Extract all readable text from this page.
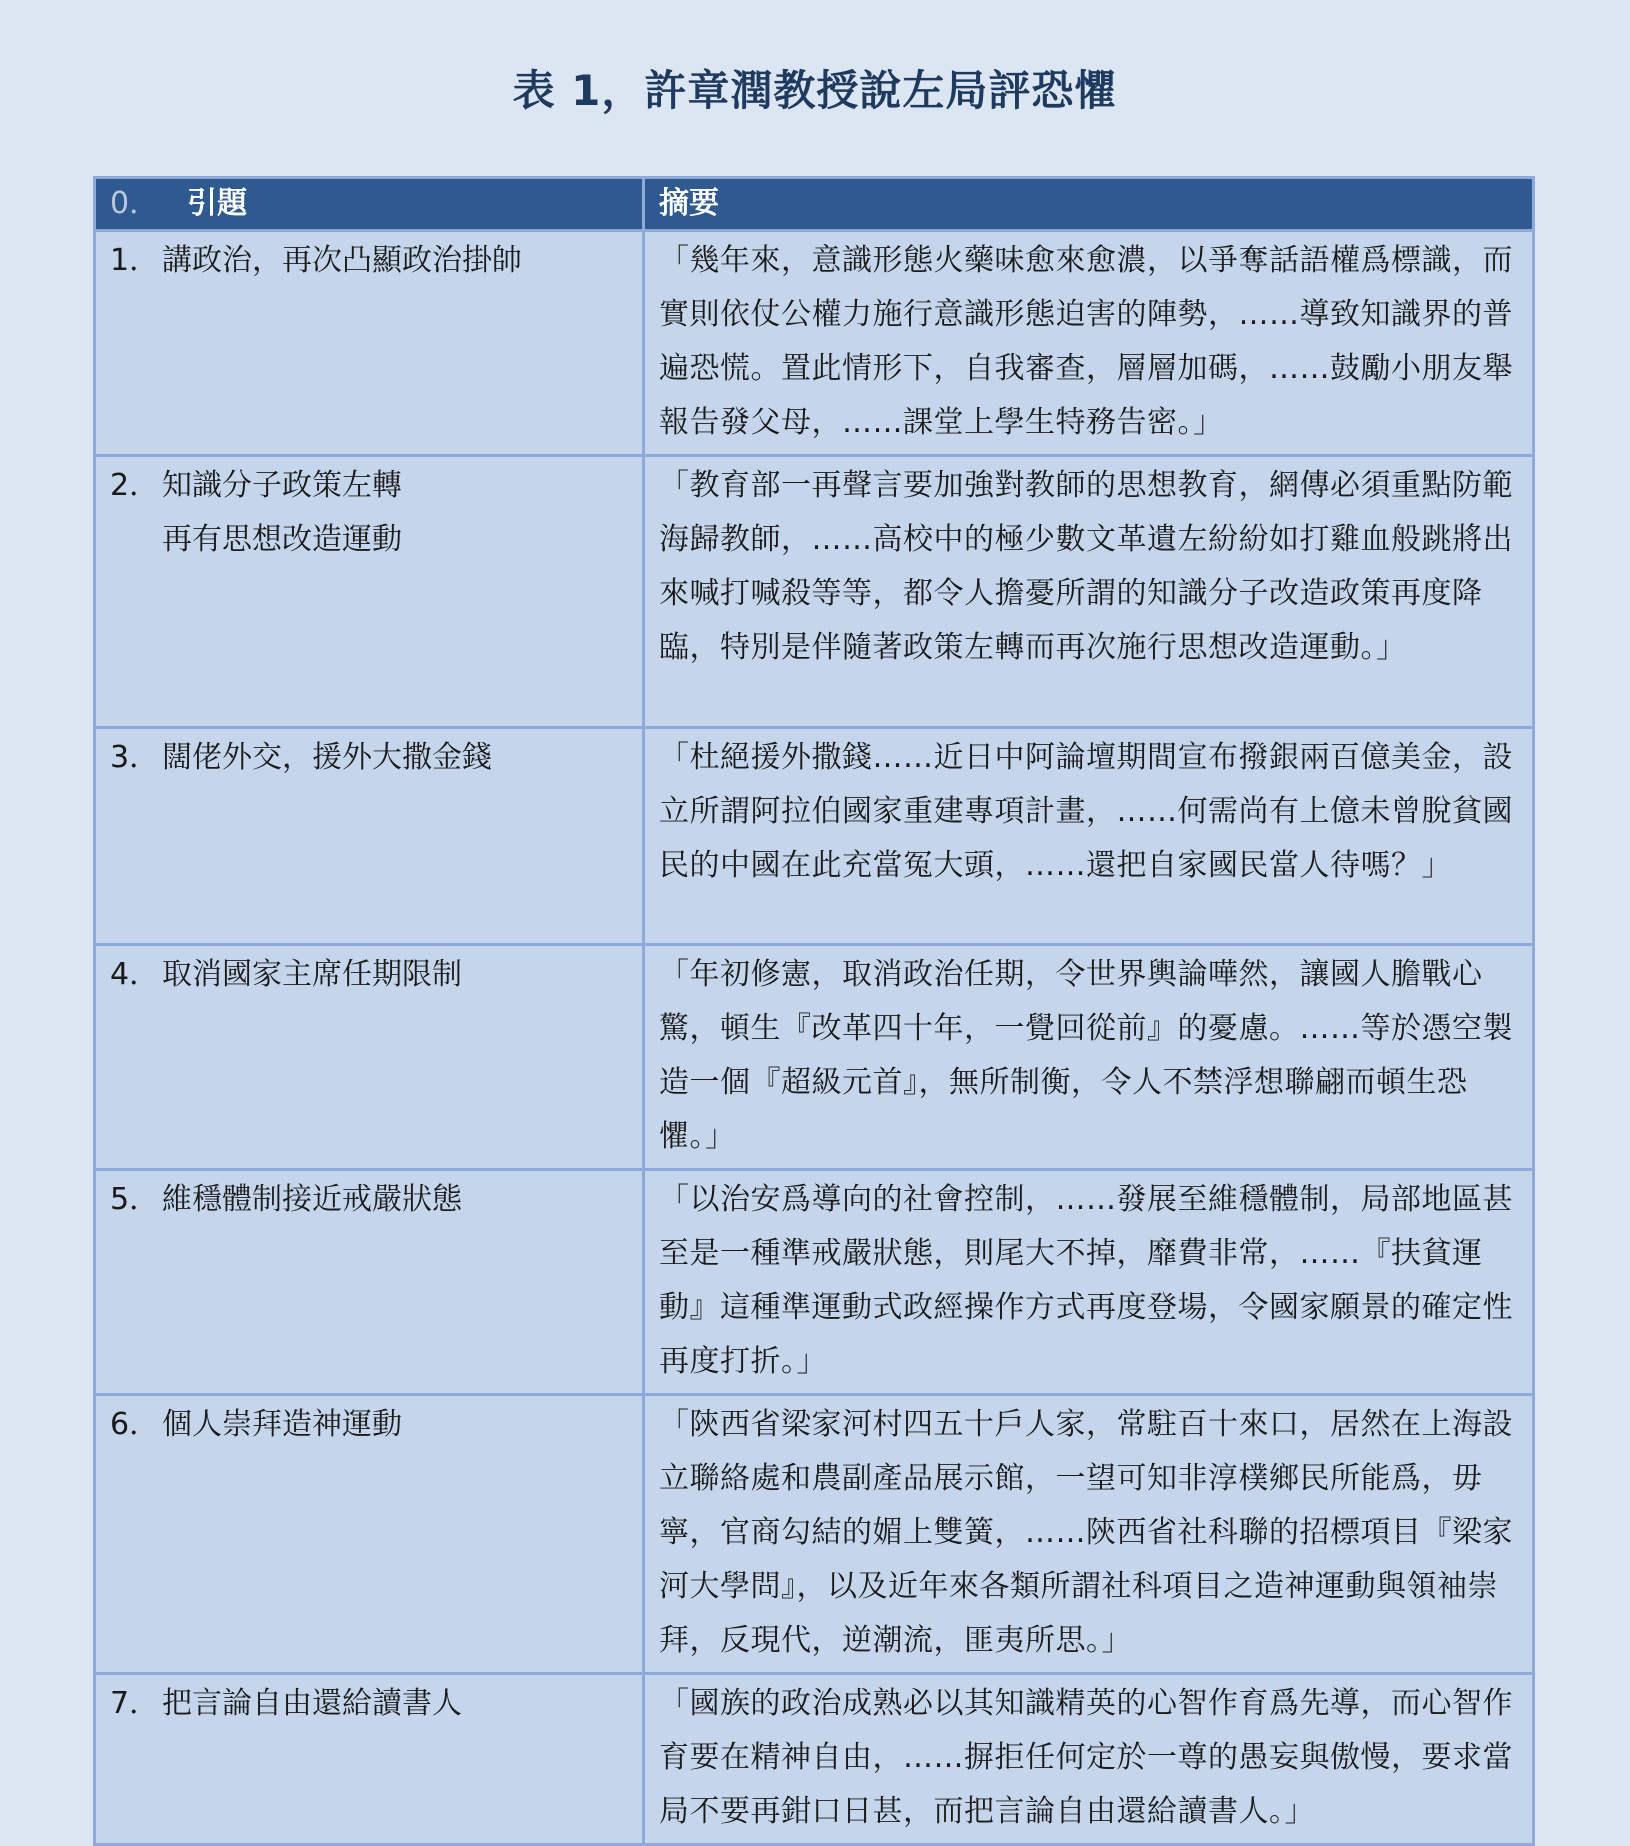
表 1，許章潤教授說左局評恐懼
0． 引題	摘要

1． 講政治，再次凸顯政治掛帥	「幾年來，意識形態火藥味愈來愈濃，以爭奪話語權爲標識，而實則依仗公權力施行意識形態迫害的陣勢，……導致知識界的普遍恐慌。置此情形下，自我審查，層層加碼，……鼓勵小朋友舉報告發父母，……課堂上學生特務告密。」

2． 知識分子政策左轉
再有思想改造運動	「教育部一再聲言要加強對教師的思想教育，網傳必須重點防範海歸教師，……高校中的極少數文革遺左紛紛如打雞血般跳將出來喊打喊殺等等，都令人擔憂所謂的知識分子改造政策再度降臨，特別是伴隨著政策左轉而再次施行思想改造運動。」

3． 闊佬外交，援外大撒金錢	「杜絕援外撒錢……近日中阿論壇期間宣布撥銀兩百億美金，設立所謂阿拉伯國家重建專項計畫，……何需尚有上億未曾脫貧國民的中國在此充當冤大頭，……還把自家國民當人待嗎？」

4． 取消國家主席任期限制	「年初修憲，取消政治任期，令世界輿論嘩然，讓國人膽戰心驚，頓生『改革四十年，一覺回從前』的憂慮。……等於憑空製造一個『超級元首』，無所制衡，令人不禁浮想聯翩而頓生恐懼。」

5． 維穩體制接近戒嚴狀態	「以治安爲導向的社會控制，……發展至維穩體制，局部地區甚至是一種準戒嚴狀態，則尾大不掉，靡費非常，……『扶貧運動』這種準運動式政經操作方式再度登場，令國家願景的確定性再度打折。」

6． 個人崇拜造神運動	「陝西省梁家河村四五十戶人家，常駐百十來口，居然在上海設立聯絡處和農副產品展示館，一望可知非淳樸鄉民所能爲，毋寧，官商勾結的媚上雙簧，……陝西省社科聯的招標項目『梁家河大學問』，以及近年來各類所謂社科項目之造神運動與領袖崇拜，反現代，逆潮流，匪夷所思。」

7． 把言論自由還給讀書人	「國族的政治成熟必以其知識精英的心智作育爲先導，而心智作育要在精神自由，……摒拒任何定於一尊的愚妄與傲慢，要求當局不要再鉗口日甚，而把言論自由還給讀書人。」
